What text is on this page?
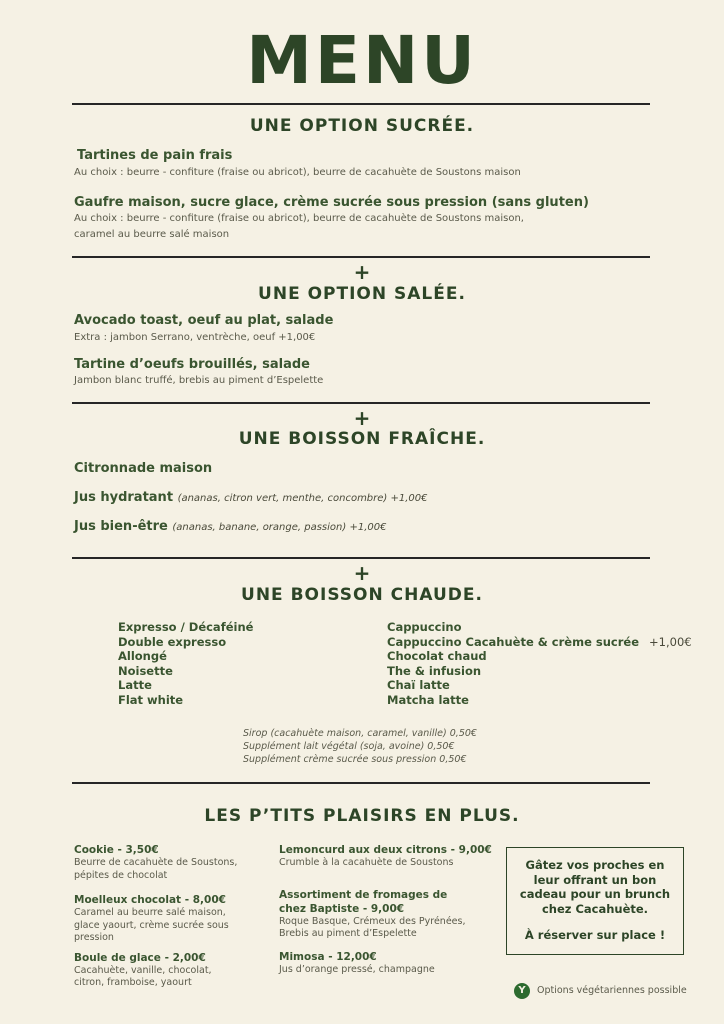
MENU
UNE OPTION SUCRÉE.
Tartines de pain frais
Au choix : beurre - confiture (fraise ou abricot), beurre de cacahuète de Soustons maison
Gaufre maison, sucre glace, crème sucrée sous pression (sans gluten)
Au choix : beurre - confiture (fraise ou abricot), beurre de cacahuète de Soustons maison,
caramel au beurre salé maison
+
UNE OPTION SALÉE.
Avocado toast, oeuf au plat, salade
Extra : jambon Serrano, ventrèche, oeuf +1,00€
Tartine d’oeufs brouillés, salade
Jambon blanc truffé, brebis au piment d’Espelette
+
UNE BOISSON FRAÎCHE.
Citronnade maison
Jus hydratant (ananas, citron vert, menthe, concombre) +1,00€
Jus bien-être (ananas, banane, orange, passion) +1,00€
+
UNE BOISSON CHAUDE.
Expresso / Décaféiné
Double expresso
Allongé
Noisette
Latte
Flat white
Cappuccino
Cappuccino Cacahuète & crème sucrée +1,00€
Chocolat chaud
The & infusion
Chaï latte
Matcha latte
Sirop (cacahuète maison, caramel, vanille) 0,50€
Supplément lait végétal (soja, avoine) 0,50€
Supplément crème sucrée sous pression 0,50€
LES P’TITS PLAISIRS EN PLUS.
Cookie - 3,50€
Beurre de cacahuète de Soustons,
pépites de chocolat
Moelleux chocolat - 8,00€
Caramel au beurre salé maison,
glace yaourt, crème sucrée sous
pression
Boule de glace - 2,00€
Cacahuète, vanille, chocolat,
citron, framboise, yaourt
Lemoncurd aux deux citrons - 9,00€
Crumble à la cacahuète de Soustons
Assortiment de fromages de
chez Baptiste - 9,00€
Roque Basque, Crémeux des Pyrénées,
Brebis au piment d’Espelette
Mimosa - 12,00€
Jus d’orange pressé, champagne
Gâtez vos proches en
leur offrant un bon
cadeau pour un brunch
chez Cacahuète.
À réserver sur place !
Y	Options végétariennes possible
